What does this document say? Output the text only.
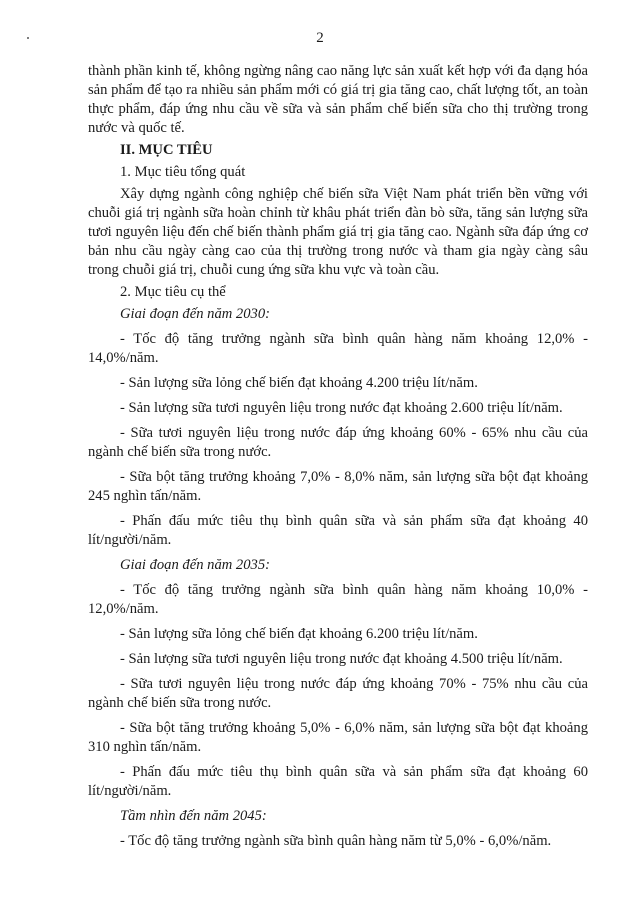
2

thành phần kinh tế, không ngừng nâng cao năng lực sản xuất kết hợp với đa dạng hóa sản phẩm để tạo ra nhiều sản phẩm mới có giá trị gia tăng cao, chất lượng tốt, an toàn thực phẩm, đáp ứng nhu cầu về sữa và sản phẩm chế biến sữa cho thị trường trong nước và quốc tế.

II. MỤC TIÊU

1. Mục tiêu tổng quát

Xây dựng ngành công nghiệp chế biến sữa Việt Nam phát triển bền vững với chuỗi giá trị ngành sữa hoàn chỉnh từ khâu phát triển đàn bò sữa, tăng sản lượng sữa tươi nguyên liệu đến chế biến thành phẩm giá trị gia tăng cao. Ngành sữa đáp ứng cơ bản nhu cầu ngày càng cao của thị trường trong nước và tham gia ngày càng sâu trong chuỗi giá trị, chuỗi cung ứng sữa khu vực và toàn cầu.

2. Mục tiêu cụ thể

Giai đoạn đến năm 2030:

- Tốc độ tăng trưởng ngành sữa bình quân hàng năm khoảng 12,0% - 14,0%/năm.

- Sản lượng sữa lỏng chế biến đạt khoảng 4.200 triệu lít/năm.

- Sản lượng sữa tươi nguyên liệu trong nước đạt khoảng 2.600 triệu lít/năm.

- Sữa tươi nguyên liệu trong nước đáp ứng khoảng 60% - 65% nhu cầu của ngành chế biến sữa trong nước.

- Sữa bột tăng trưởng khoảng 7,0% - 8,0% năm, sản lượng sữa bột đạt khoảng 245 nghìn tấn/năm.

- Phấn đấu mức tiêu thụ bình quân sữa và sản phẩm sữa đạt khoảng 40 lít/người/năm.

Giai đoạn đến năm 2035:

- Tốc độ tăng trưởng ngành sữa bình quân hàng năm khoảng 10,0% - 12,0%/năm.

- Sản lượng sữa lỏng chế biến đạt khoảng 6.200 triệu lít/năm.

- Sản lượng sữa tươi nguyên liệu trong nước đạt khoảng 4.500 triệu lít/năm.

- Sữa tươi nguyên liệu trong nước đáp ứng khoảng 70% - 75% nhu cầu của ngành chế biến sữa trong nước.

- Sữa bột tăng trưởng khoảng 5,0% - 6,0% năm, sản lượng sữa bột đạt khoảng 310 nghìn tấn/năm.

- Phấn đấu mức tiêu thụ bình quân sữa và sản phẩm sữa đạt khoảng 60 lít/người/năm.

Tầm nhìn đến năm 2045:

- Tốc độ tăng trưởng ngành sữa bình quân hàng năm từ 5,0% - 6,0%/năm.
